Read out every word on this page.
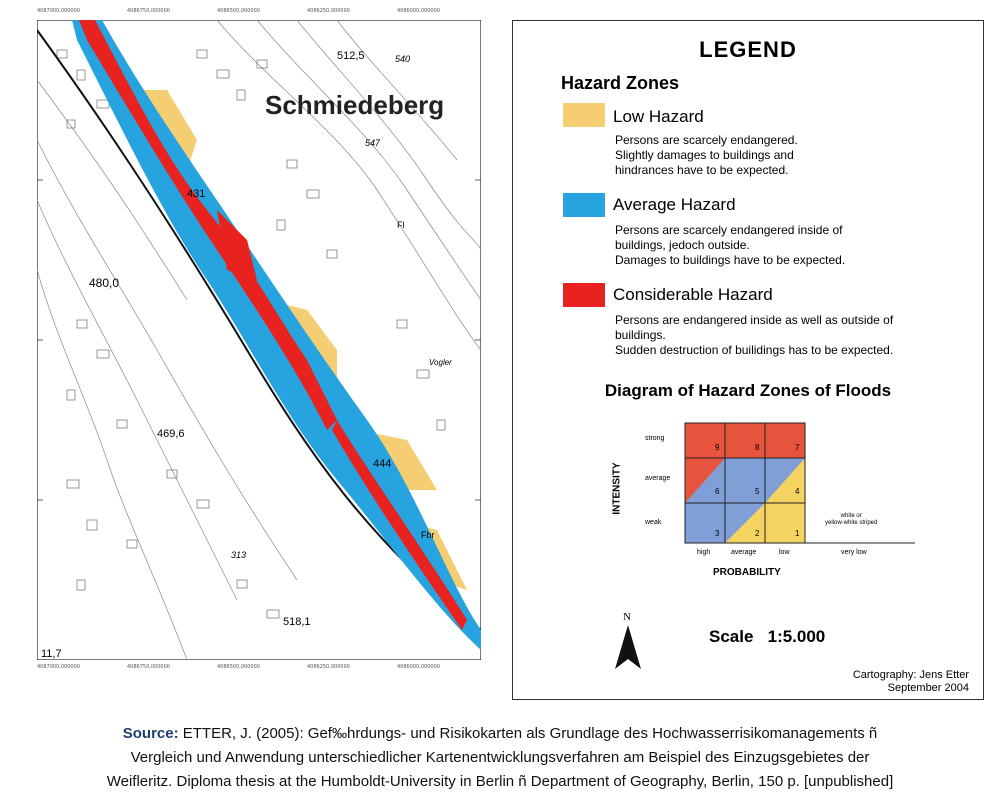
Schmiedeberg
512,5	540
547
431
480,0
469,6
444
518,1
11,7
313
Fl
Fbr
Vogler
4087000,000000	4086750,000000	4086500,000000	4086250,000000	4086000,000000
4087000,000000	4086750,000000	4086500,000000	4086250,000000	4086000,000000
LEGEND
Hazard Zones
Low Hazard
Persons are scarcely endangered.
Slightly damages to buildings and
hindrances have to be expected.
Average Hazard
Persons are scarcely endangered inside of
buildings, jedoch outside.
Damages to buildings have to be expected.
Considerable Hazard
Persons are endangered inside as well as outside of
buildings.
Sudden destruction of builidings has to be expected.
Diagram of Hazard Zones of Floods
INTENSITY
strong
average
weak
9	8	7
6	5	4
3	2	1
white or
yellow-white striped
high	average	low	very low
PROBABILITY
N
Scale 1:5.000
Cartography: Jens Etter
September 2004
Source: ETTER, J. (2005): Gef‰hrdungs- und Risikokarten als Grundlage des Hochwasserrisikomanagements ñ
Vergleich und Anwendung unterschiedlicher Kartenentwicklungsverfahren am Beispiel des Einzugsgebietes der
Weifleritz. Diploma thesis at the Humboldt-University in Berlin ñ Department of Geography, Berlin, 150 p. [unpublished]
